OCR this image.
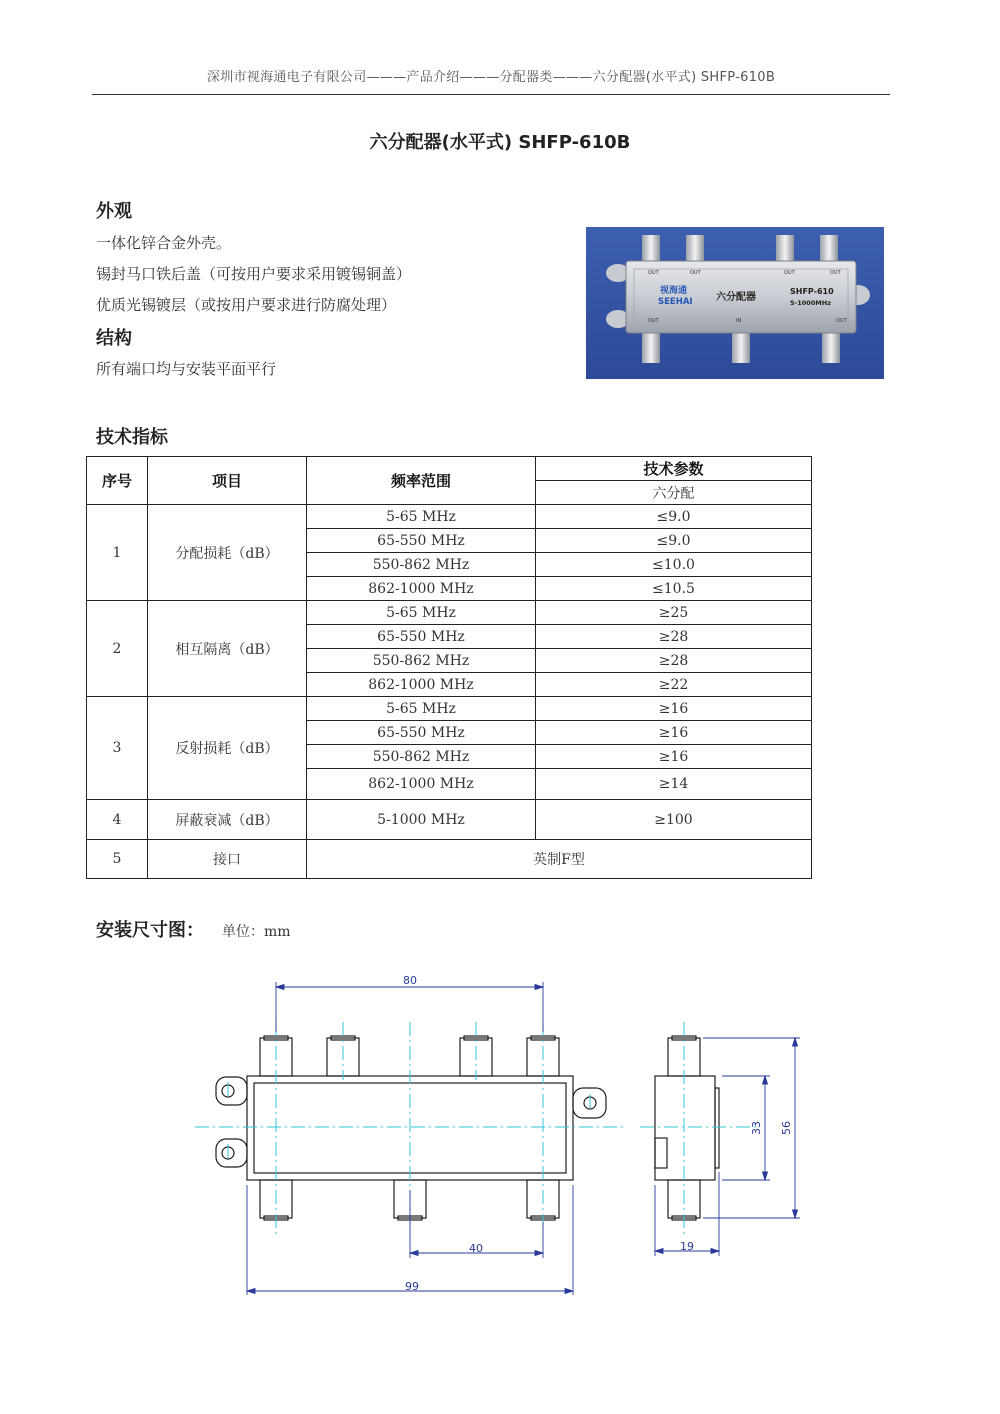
深圳市视海通电子有限公司———产品介绍———分配器类———六分配器(水平式) SHFP-610B
六分配器(水平式) SHFP-610B
外观
一体化锌合金外壳。
锡封马口铁后盖（可按用户要求采用镀锡铜盖）
优质光锡镀层（或按用户要求进行防腐处理）
结构
所有端口均与安装平面平行
OUT	OUT	OUT	OUT
OUT	OUT
IN
视海通
SEEHAI 六分配器
SHFP-610
5-1000MHz
技术指标
序号	项目	频率范围	技术参数
			六分配
1	分配损耗（dB）	5-65 MHz	≤9.0
		65-550 MHz	≤9.0
		550-862 MHz	≤10.0
		862-1000 MHz	≤10.5
2	相互隔离（dB）	5-65 MHz	≥25
		65-550 MHz	≥28
		550-862 MHz	≥28
		862-1000 MHz	≥22
3	反射损耗（dB）	5-65 MHz	≥16
		65-550 MHz	≥16
		550-862 MHz	≥16
		862-1000 MHz	≥14
4	屏蔽衰减（dB）	5-1000 MHz	≥100
5	接口	英制F型	
安装尺寸图： 单位：mm
80
40
99
19
33 56
